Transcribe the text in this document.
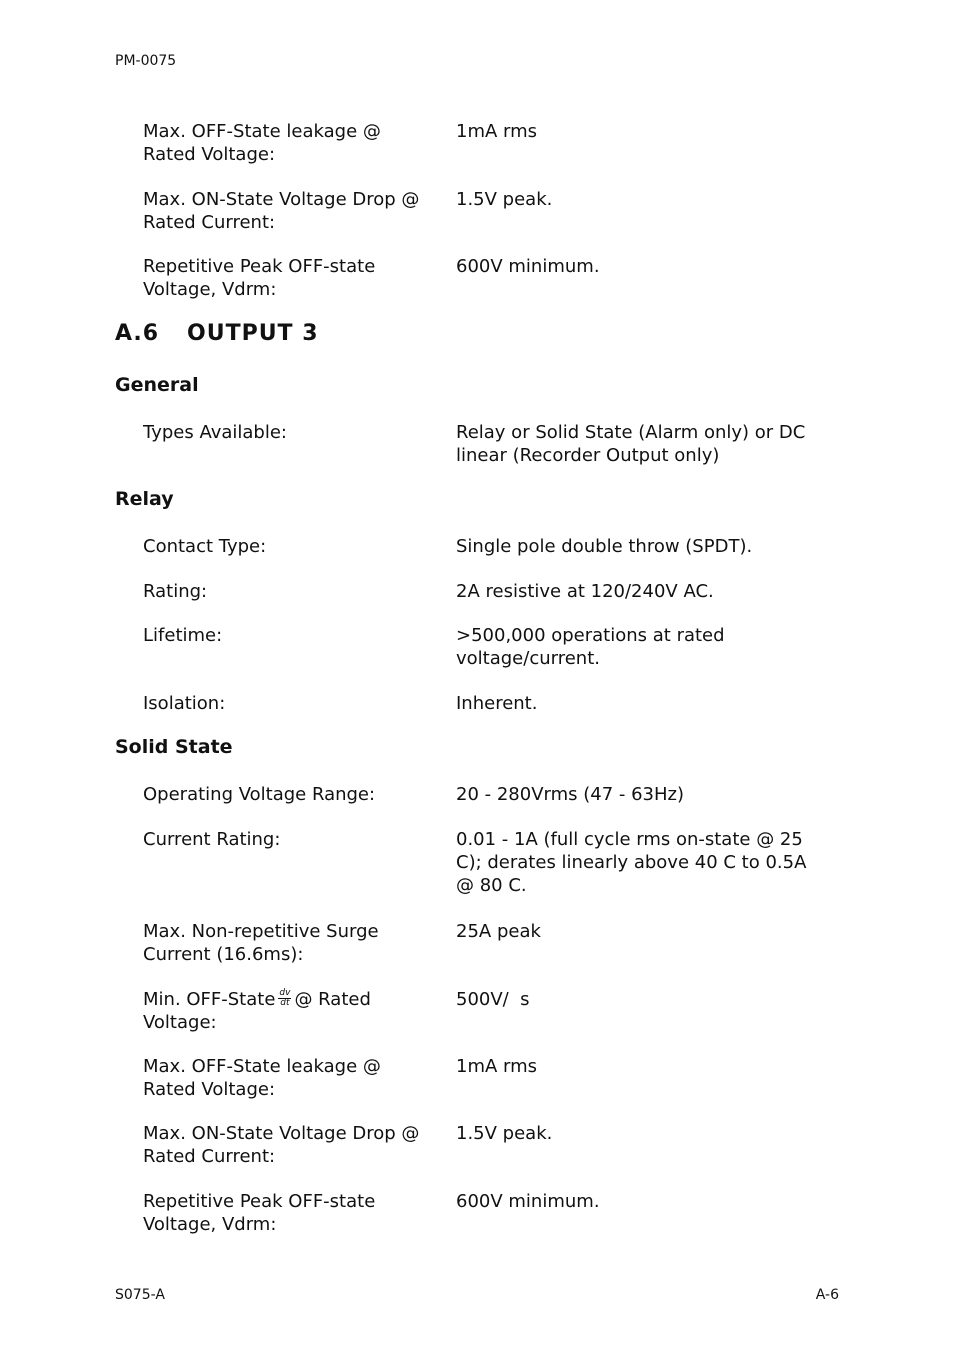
PM-0075
Max. OFF-State leakage @ Rated Voltage:
1mA rms
Max. ON-State Voltage Drop @ Rated Current:
1.5V peak.
Repetitive Peak OFF-state Voltage, Vdrm:
600V minimum.
A.6 OUTPUT 3
General
Types Available:	Relay or Solid State (Alarm only) or DC linear (Recorder Output only)
Relay
Contact Type:	Single pole double throw (SPDT).
Rating:	2A resistive at 120/240V AC.
Lifetime:	>500,000 operations at rated voltage/current.
Isolation:	Inherent.
Solid State
Operating Voltage Range:	20 - 280Vrms (47 - 63Hz)
Current Rating:	0.01 - 1A (full cycle rms on-state @ 25 C); derates linearly above 40 C to 0.5A @ 80 C.
Max. Non-repetitive Surge Current (16.6ms):
25A peak
Min. OFF-State $\frac{dv}{dt}$ @ Rated Voltage:
500V/  s
Max. OFF-State leakage @ Rated Voltage:
1mA rms
Max. ON-State Voltage Drop @ Rated Current:
1.5V peak.
Repetitive Peak OFF-state Voltage, Vdrm:
600V minimum.
S075-A	A-6
